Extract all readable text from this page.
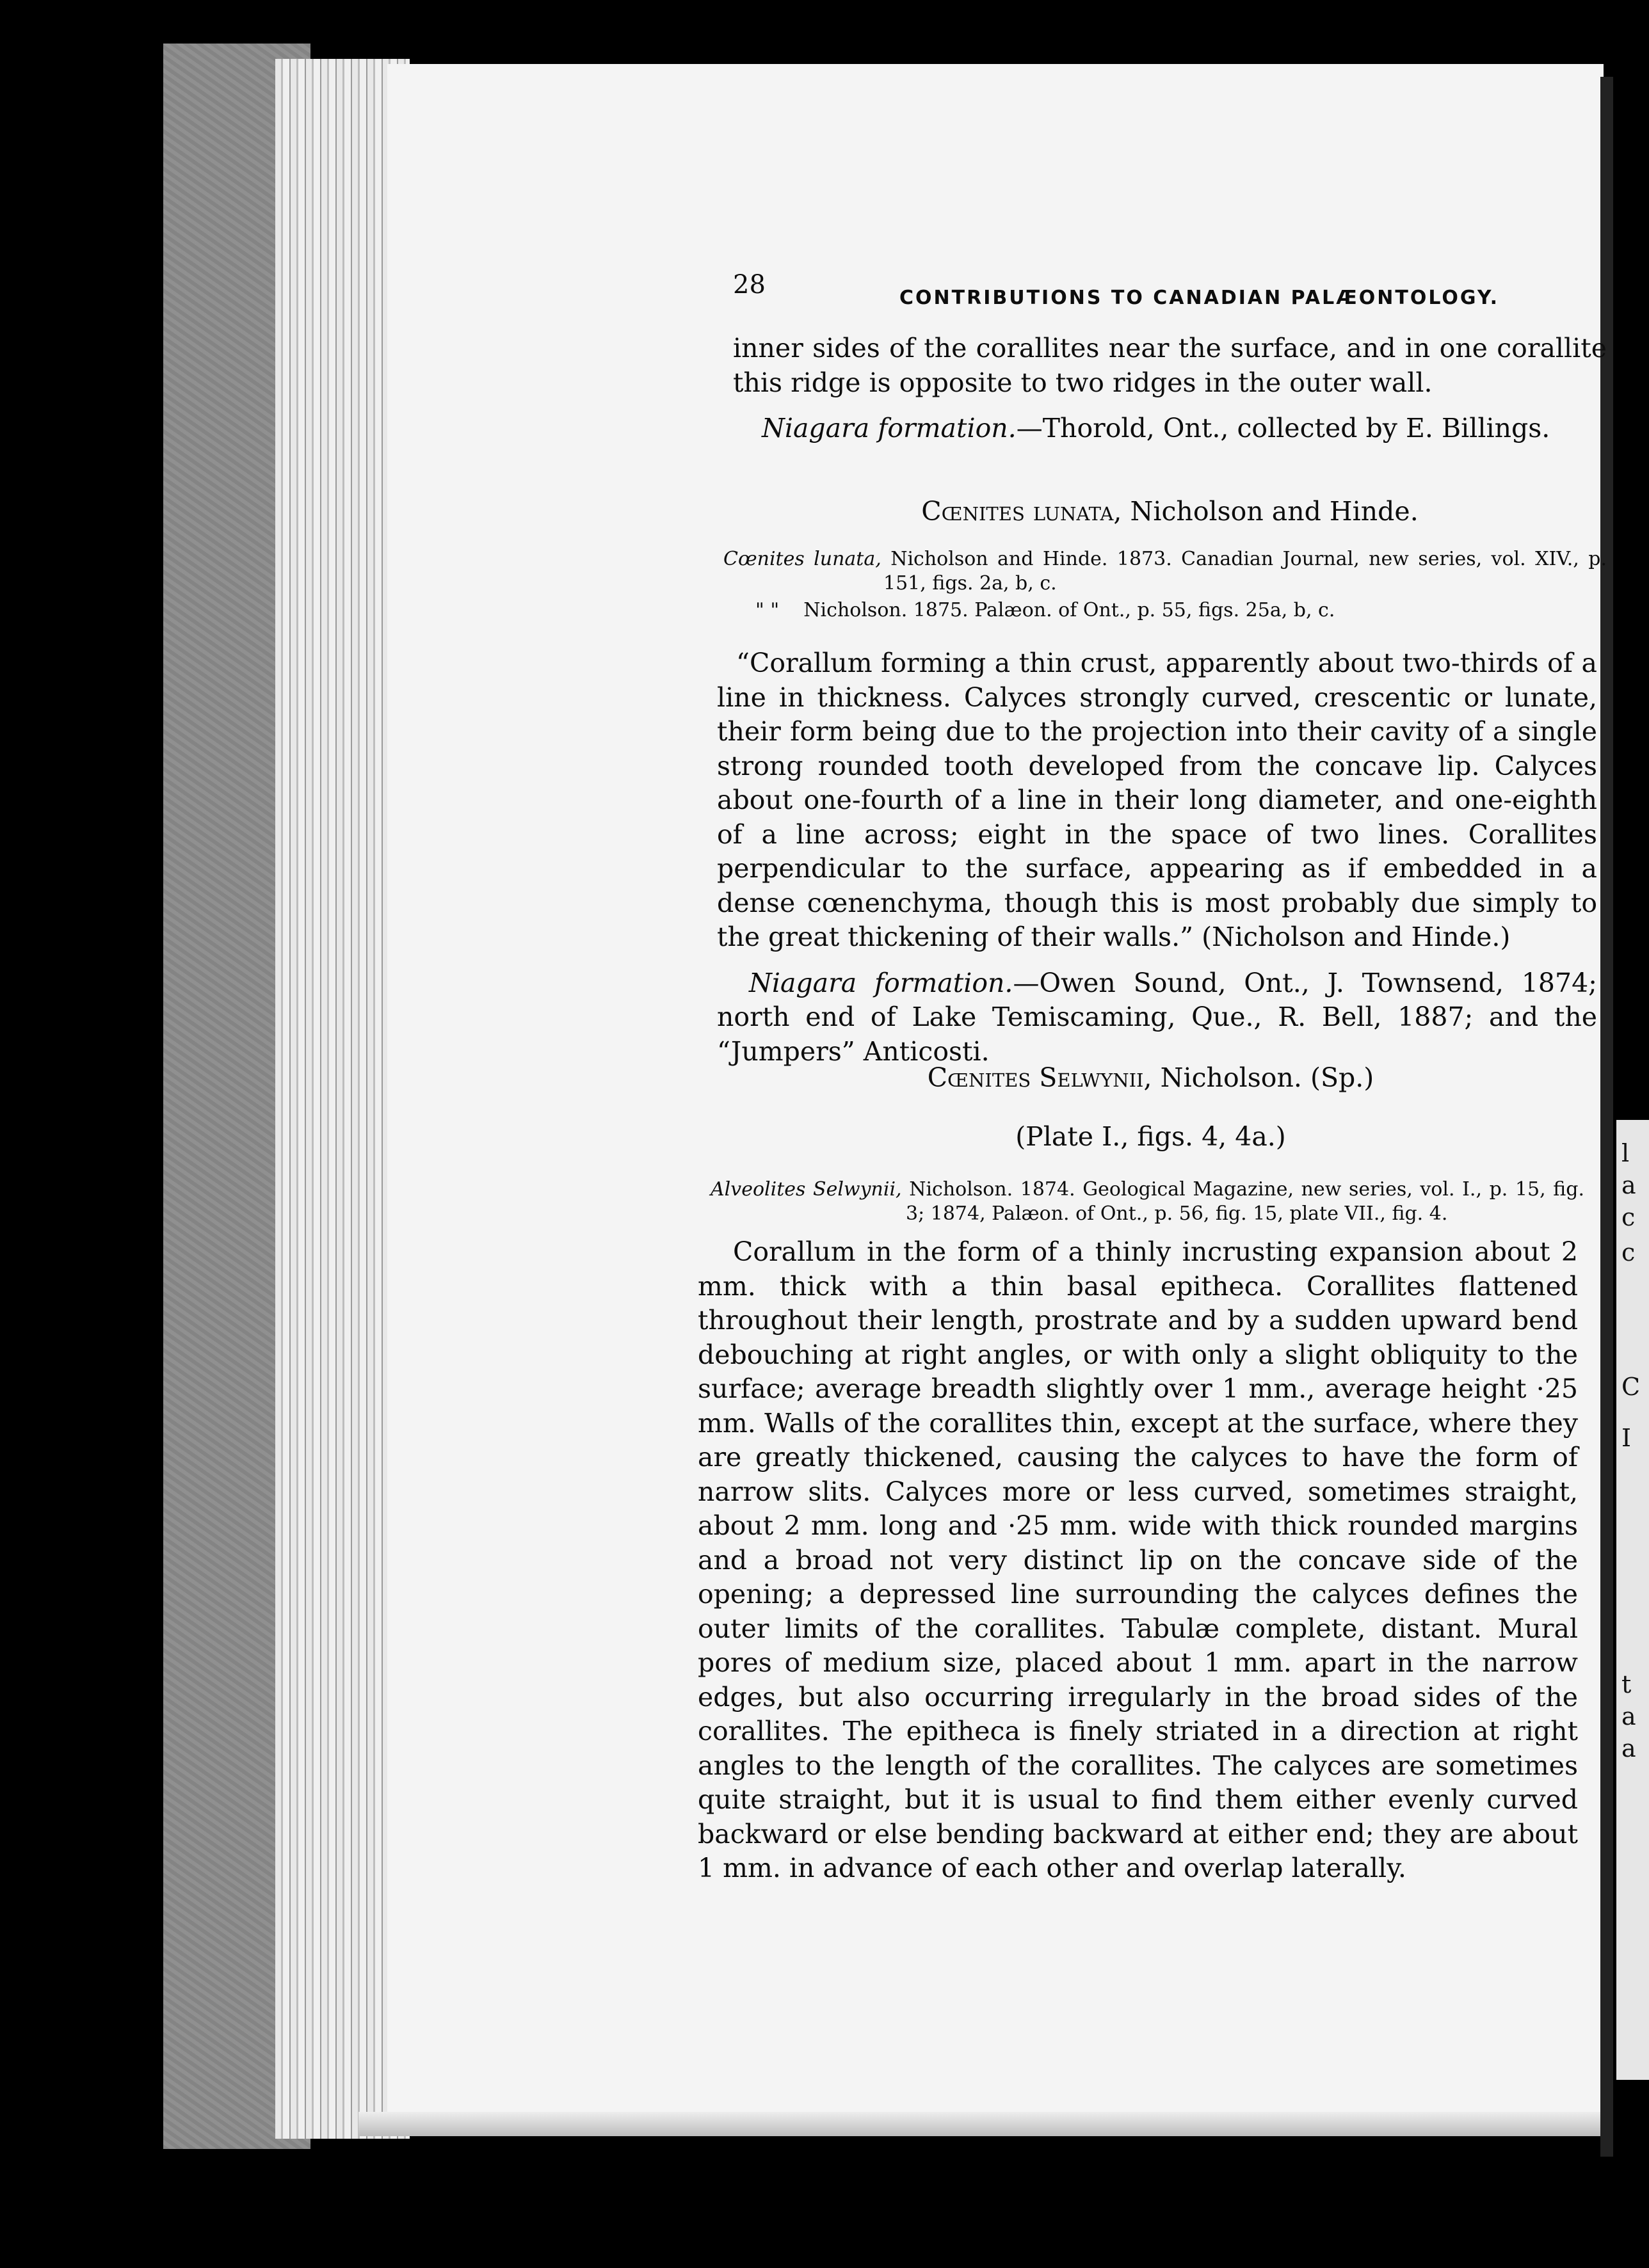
l
a
c
c
C
I
t
a
a
28	CONTRIBUTIONS TO CANADIAN PALÆONTOLOGY.

inner sides of the corallites near the surface, and in one corallite this ridge is opposite to two ridges in the outer wall.

Niagara formation.—Thorold, Ont., collected by E. Billings.

Cœnites lunata, Nicholson and Hinde.

Cœnites lunata, Nicholson and Hinde. 1873. Canadian Journal, new series, vol. XIV., p. 151, figs. 2a, b, c.

" " Nicholson. 1875. Palæon. of Ont., p. 55, figs. 25a, b, c.

“Corallum forming a thin crust, apparently about two-thirds of a line in thickness. Calyces strongly curved, crescentic or lunate, their form being due to the projection into their cavity of a single strong rounded tooth developed from the concave lip. Calyces about one-fourth of a line in their long diameter, and one-eighth of a line across; eight in the space of two lines. Corallites perpendicular to the surface, appearing as if embedded in a dense cœnenchyma, though this is most probably due simply to the great thickening of their walls.” (Nicholson and Hinde.)

Niagara formation.—Owen Sound, Ont., J. Townsend, 1874; north end of Lake Temiscaming, Que., R. Bell, 1887; and the “Jumpers” Anticosti.

Cœnites Selwynii, Nicholson. (Sp.)
(Plate I., figs. 4, 4a.)

Alveolites Selwynii, Nicholson. 1874. Geological Magazine, new series, vol. I., p. 15, fig. 3; 1874, Palæon. of Ont., p. 56, fig. 15, plate VII., fig. 4.

Corallum in the form of a thinly incrusting expansion about 2 mm. thick with a thin basal epitheca. Corallites flattened throughout their length, prostrate and by a sudden upward bend debouching at right angles, or with only a slight obliquity to the surface; average breadth slightly over 1 mm., average height ·25 mm. Walls of the corallites thin, except at the surface, where they are greatly thickened, causing the calyces to have the form of narrow slits. Calyces more or less curved, sometimes straight, about 2 mm. long and ·25 mm. wide with thick rounded margins and a broad not very distinct lip on the concave side of the opening; a depressed line surrounding the calyces defines the outer limits of the corallites. Tabulæ complete, distant. Mural pores of medium size, placed about 1 mm. apart in the narrow edges, but also occurring irregularly in the broad sides of the corallites. The epitheca is finely striated in a direction at right angles to the length of the corallites. The calyces are sometimes quite straight, but it is usual to find them either evenly curved backward or else bending backward at either end; they are about 1 mm. in advance of each other and overlap laterally.
